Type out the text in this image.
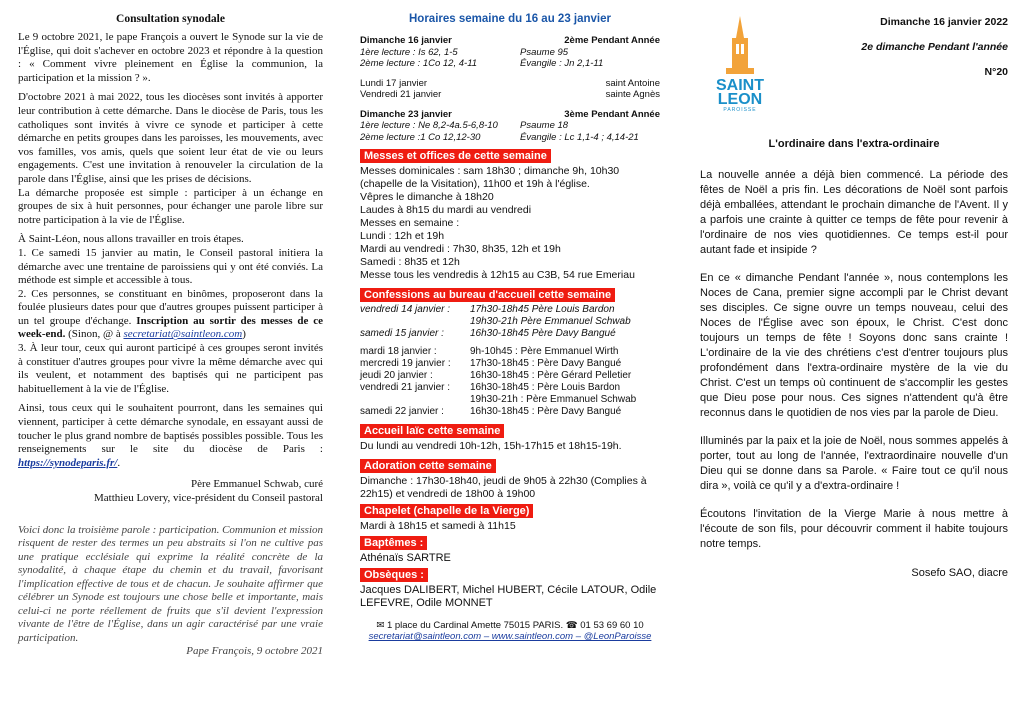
Consultation synodale

Le 9 octobre 2021, le pape François a ouvert le Synode sur la vie de l'Église, qui doit s'achever en octobre 2023 et répondre à la question : « Comment vivre pleinement en Église la communion, la participation et la mission ? ».

D'octobre 2021 à mai 2022, tous les diocèses sont invités à apporter leur contribution à cette démarche. Dans le diocèse de Paris, tous les catholiques sont invités à vivre ce synode et participer à cette démarche en petits groupes dans les paroisses, les mouvements, avec vos familles, vos amis, quels que soient leur état de vie ou leurs engagements. C'est une invitation à renouveler la circulation de la parole dans l'Église, ainsi que les prises de décisions.

La démarche proposée est simple : participer à un échange en groupes de six à huit personnes, pour échanger une parole libre sur notre participation à la vie de l'Église.

À Saint-Léon, nous allons travailler en trois étapes.

1. Ce samedi 15 janvier au matin, le Conseil pastoral initiera la démarche avec une trentaine de paroissiens qui y ont été conviés. La méthode est simple et accessible à tous.

2. Ces personnes, se constituant en binômes, proposeront dans la foulée plusieurs dates pour que d'autres groupes puissent participer à un tel groupe d'échange. Inscription au sortir des messes de ce week-end. (Sinon, @ à secretariat@saintleon.com)

3. À leur tour, ceux qui auront participé à ces groupes seront invités à constituer d'autres groupes pour vivre la même démarche avec qui ils veulent, et notamment des baptisés qui ne participent pas habituellement à la vie de l'Église.

Ainsi, tous ceux qui le souhaitent pourront, dans les semaines qui viennent, participer à cette démarche synodale, en essayant aussi de toucher le plus grand nombre de baptisés possibles possible. Tous les renseignements sur le site du diocèse de Paris : https://synodeparis.fr/.

Père Emmanuel Schwab, curé

Matthieu Lovery, vice-président du Conseil pastoral

Voici donc la troisième parole : participation. Communion et mission risquent de rester des termes un peu abstraits si l'on ne cultive pas une pratique ecclésiale qui exprime la réalité concrète de la synodalité, à chaque étape du chemin et du travail, favorisant l'implication effective de tous et de chacun. Je souhaite affirmer que célébrer un Synode est toujours une chose belle et importante, mais celui-ci ne porte réellement de fruits que s'il devient l'expression vivante de l'être de l'Église, dans un agir caractérisé par une vraie participation.

Pape François, 9 octobre 2021

Horaires semaine du 16 au 23 janvier
Dimanche 16 janvier	2ème Pendant Année
1ère lecture : Is 62, 1-5	Psaume 95
2ème lecture : 1Co 12, 4-11	Évangile : Jn 2,1-11
Lundi 17 janvier	saint Antoine
Vendredi 21 janvier	sainte Agnès
Dimanche 23 janvier	3ème Pendant Année
1ère lecture : Ne 8,2-4a.5-6,8-10	Psaume 18
2ème lecture :1 Co 12,12-30	Évangile : Lc 1,1-4 ; 4,14-21
Messes et offices de cette semaine

Messes dominicales : sam 18h30 ; dimanche 9h, 10h30 (chapelle de la Visitation), 11h00 et 19h à l'église.

Vêpres le dimanche à 18h20

Laudes à 8h15 du mardi au vendredi

Messes en semaine :

Lundi : 12h et 19h

Mardi au vendredi : 7h30, 8h35, 12h et 19h

Samedi : 8h35 et 12h

Messe tous les vendredis à 12h15 au C3B, 54 rue Emeriau

Confessions au bureau d'accueil cette semaine
vendredi 14 janvier :	17h30-18h45 Père Louis Bardon
19h30-21h Père Emmanuel Schwab
samedi 15 janvier :	16h30-18h45 Père Davy Bangué
mardi 18 janvier :	9h-10h45 : Père Emmanuel Wirth
mercredi 19 janvier :	17h30-18h45 : Père Davy Bangué
jeudi 20 janvier :	16h30-18h45 : Père Gérard Pelletier
vendredi 21 janvier :	16h30-18h45 : Père Louis Bardon
19h30-21h : Père Emmanuel Schwab
samedi 22 janvier :	16h30-18h45 : Père Davy Bangué
Accueil laïc cette semaine

Du lundi au vendredi 10h-12h, 15h-17h15 et 18h15-19h.

Adoration cette semaine

Dimanche : 17h30-18h40, jeudi de 9h05 à 22h30 (Complies à 22h15) et vendredi de 18h00 à 19h00

Chapelet (chapelle de la Vierge)

Mardi à 18h15 et samedi à 11h15

Baptêmes :

Athénaïs SARTRE

Obsèques :

Jacques DALIBERT, Michel HUBERT, Cécile LATOUR, Odile LEFEVRE, Odile MONNET

✉ 1 place du Cardinal Amette 75015 PARIS. ☎ 01 53 69 60 10
secretariat@saintleon.com – www.saintleon.com – @LeonParoisse
SAINT
LEON
PAROISSE
Dimanche 16 janvier 2022
2e dimanche Pendant l'année
N°20
L'ordinaire dans l'extra-ordinaire

La nouvelle année a déjà bien commencé. La période des fêtes de Noël a pris fin. Les décorations de Noël sont parfois déjà emballées, attendant le prochain dimanche de l'Avent. Il y a parfois une crainte à quitter ce temps de fête pour revenir à l'ordinaire de nos vies quotidiennes. Ce temps est-il pour autant fade et insipide ?

En ce « dimanche Pendant l'année », nous contemplons les Noces de Cana, premier signe accompli par le Christ devant ses disciples. Ce signe ouvre un temps nouveau, celui des Noces de l'Église avec son époux, le Christ. C'est donc toujours un temps de fête ! Soyons donc sans crainte ! L'ordinaire de la vie des chrétiens c'est d'entrer toujours plus profondément dans l'extra-ordinaire mystère de la vie du Christ. C'est un temps où continuent de s'accomplir les gestes que Dieu pose pour nous. Ces signes n'attendent qu'à être reconnus dans le quotidien de nos vies par la parole de Dieu.

Illuminés par la paix et la joie de Noël, nous sommes appelés à porter, tout au long de l'année, l'extraordinaire nouvelle d'un Dieu qui se donne dans sa Parole. « Faire tout ce qu'il nous dira », voilà ce qu'il y a d'extra-ordinaire !

Écoutons l'invitation de la Vierge Marie à nous mettre à l'écoute de son fils, pour découvrir comment il habite toujours notre temps.

Sosefo SAO, diacre
